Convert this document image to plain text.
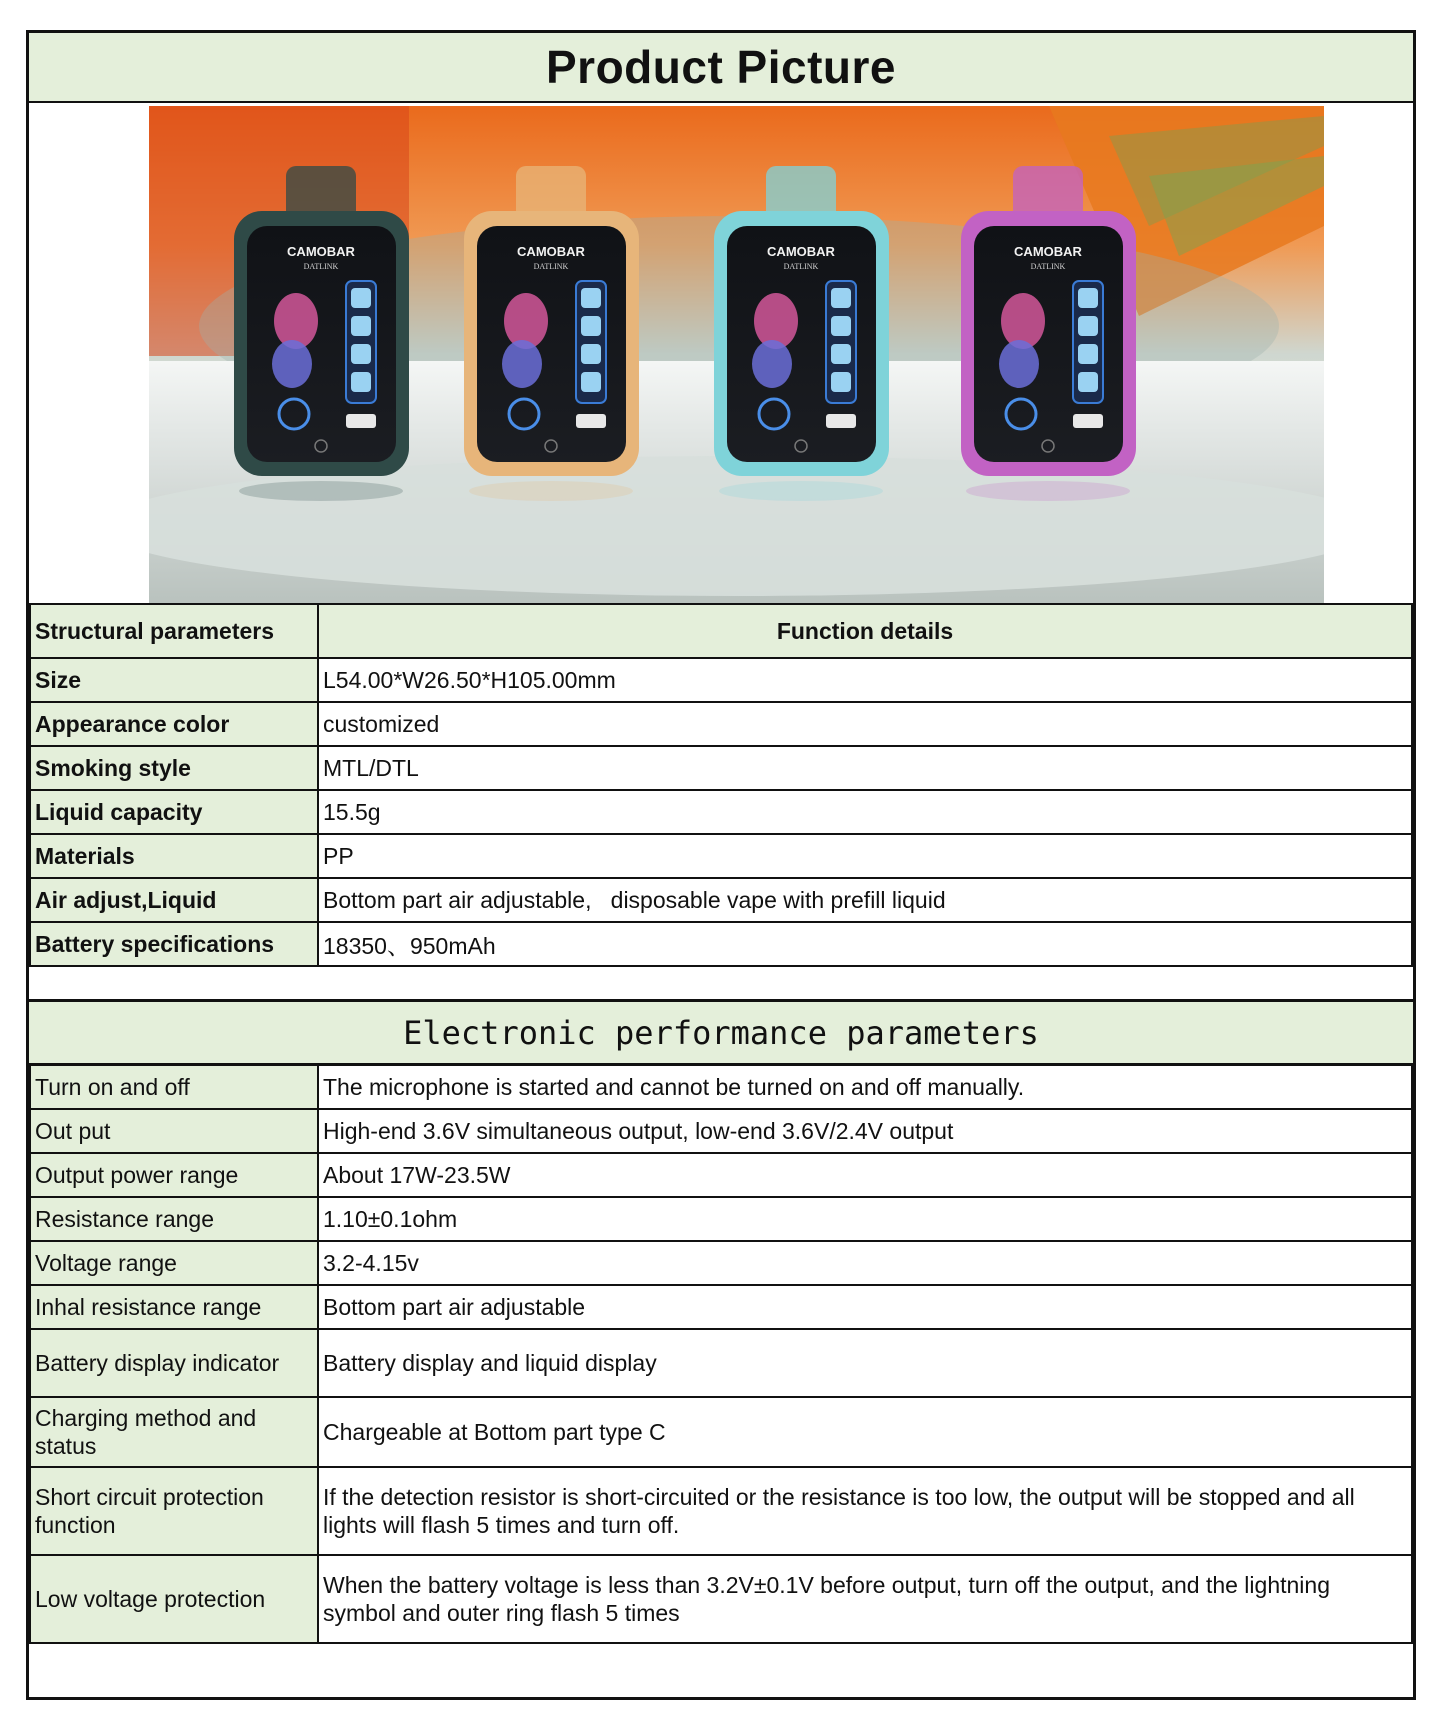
Product Picture
CAMOBAR
DATLINK
CAMOBAR
DATLINK
CAMOBAR
DATLINK
CAMOBAR
DATLINK
Structural parameters	Function details
Size	L54.00*W26.50*H105.00mm
Appearance color	customized
Smoking style	MTL/DTL
Liquid capacity	15.5g
Materials	PP
Air adjust,Liquid	Bottom part air adjustable,   disposable vape with prefill liquid
Battery specifications	18350、950mAh
Electronic performance parameters
Turn on and off	The microphone is started and cannot be turned on and off manually.
Out put	High-end 3.6V simultaneous output, low-end 3.6V/2.4V output
Output power range	About 17W-23.5W
Resistance range	1.10±0.1ohm
Voltage range	3.2-4.15v
Inhal resistance range	Bottom part air adjustable
Battery display indicator	Battery display and liquid display
Charging method and status	Chargeable at Bottom part type C
Short circuit protection function	If the detection resistor is short-circuited or the resistance is too low, the output will be stopped and all lights will flash 5 times and turn off.
Low voltage protection	When the battery voltage is less than 3.2V±0.1V before output, turn off the output, and the lightning symbol and outer ring flash 5 times
